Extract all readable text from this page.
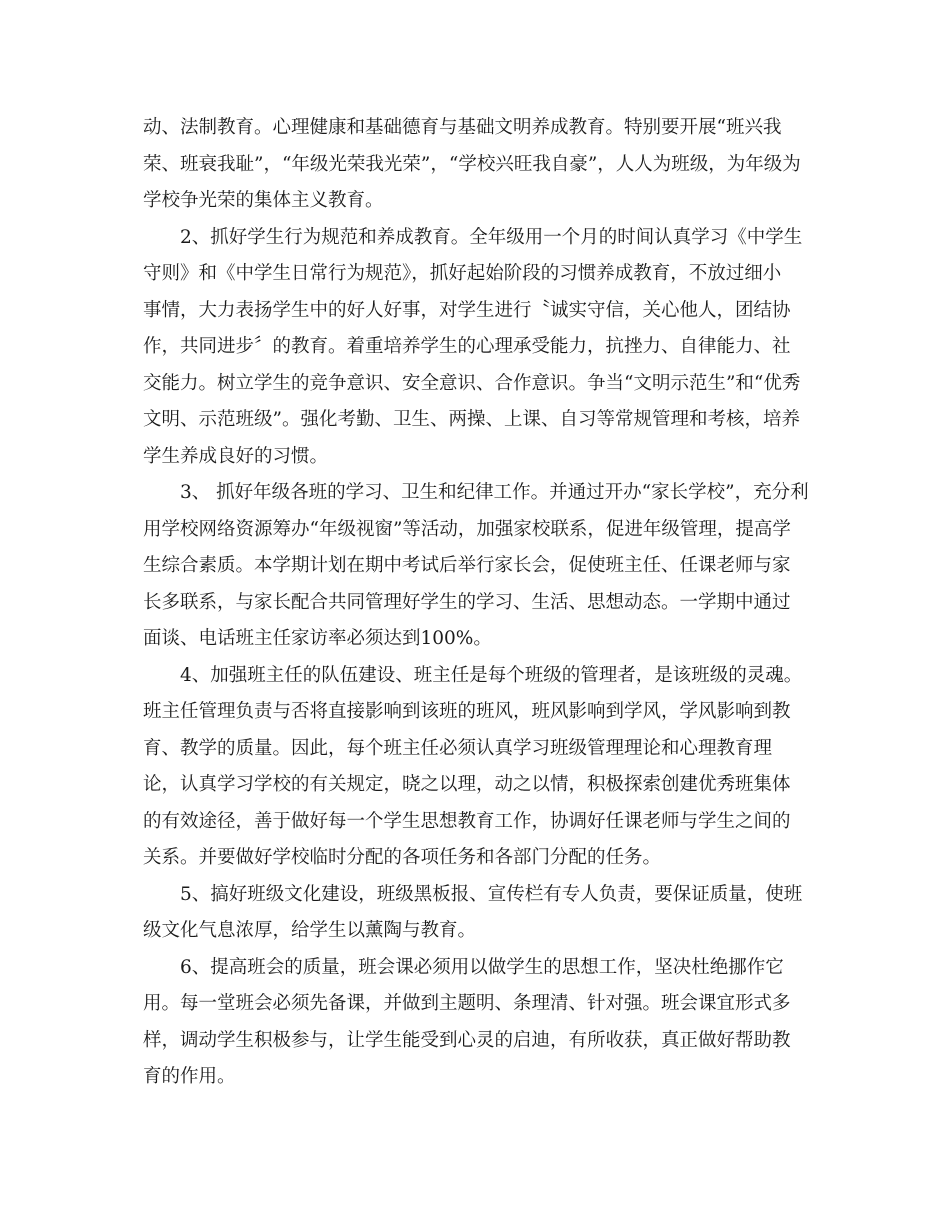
动、法制教育。心理健康和基础德育与基础文明养成教育。特别要开展“班兴我
荣、班衰我耻”，“年级光荣我光荣”，“学校兴旺我自豪”，人人为班级，为年级为
学校争光荣的集体主义教育。
2、抓好学生行为规范和养成教育。全年级用一个月的时间认真学习《中学生
守则》和《中学生日常行为规范》，抓好起始阶段的习惯养成教育，不放过细小
事情，大力表扬学生中的好人好事，对学生进行〝诚实守信，关心他人，团结协
作，共同进步〞的教育。着重培养学生的心理承受能力，抗挫力、自律能力、社
交能力。树立学生的竞争意识、安全意识、合作意识。争当“文明示范生”和“优秀
文明、示范班级”。强化考勤、卫生、两操、上课、自习等常规管理和考核，培养
学生养成良好的习惯。
3、 抓好年级各班的学习、卫生和纪律工作。并通过开办“家长学校”，充分利
用学校网络资源筹办“年级视窗”等活动，加强家校联系，促进年级管理，提高学
生综合素质。本学期计划在期中考试后举行家长会，促使班主任、任课老师与家
长多联系，与家长配合共同管理好学生的学习、生活、思想动态。一学期中通过
面谈、电话班主任家访率必须达到100%。
4、加强班主任的队伍建设、班主任是每个班级的管理者，是该班级的灵魂。
班主任管理负责与否将直接影响到该班的班风，班风影响到学风，学风影响到教
育、教学的质量。因此，每个班主任必须认真学习班级管理理论和心理教育理
论，认真学习学校的有关规定，晓之以理，动之以情，积极探索创建优秀班集体
的有效途径，善于做好每一个学生思想教育工作，协调好任课老师与学生之间的
关系。并要做好学校临时分配的各项任务和各部门分配的任务。
5、搞好班级文化建设，班级黑板报、宣传栏有专人负责，要保证质量，使班
级文化气息浓厚，给学生以薰陶与教育。
6、提高班会的质量，班会课必须用以做学生的思想工作，坚决杜绝挪作它
用。每一堂班会必须先备课，并做到主题明、条理清、针对强。班会课宜形式多
样，调动学生积极参与，让学生能受到心灵的启迪，有所收获，真正做好帮助教
育的作用。
